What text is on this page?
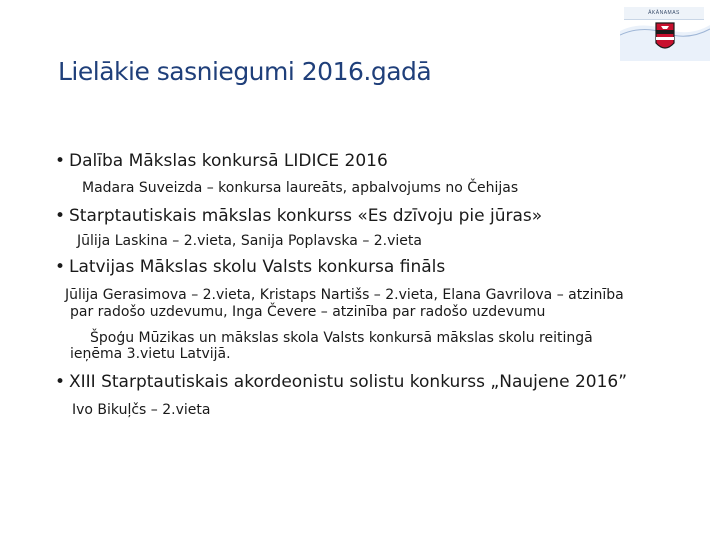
ĀKĀNAMAS
Lielākie sasniegumi 2016.gadā

• Dalība Mākslas konkursā LIDICE 2016

Madara Suveizda – konkursa laureāts, apbalvojums no Čehijas

• Starptautiskais mākslas konkurss «Es dzīvoju pie jūras»

Jūlija Laskina – 2.vieta, Sanija Poplavska – 2.vieta

• Latvijas Mākslas skolu Valsts konkursa fināls

Jūlija Gerasimova – 2.vieta, Kristaps Nartišs – 2.vieta, Elana Gavrilova – atzinība

par radošo uzdevumu, Inga Čevere – atzinība par radošo uzdevumu

Špoģu Mūzikas un mākslas skola Valsts konkursā mākslas skolu reitingā

ieņēma 3.vietu Latvijā.

• XIII Starptautiskais akordeonistu solistu konkurss „Naujene 2016”

Ivo Bikuļčs – 2.vieta
